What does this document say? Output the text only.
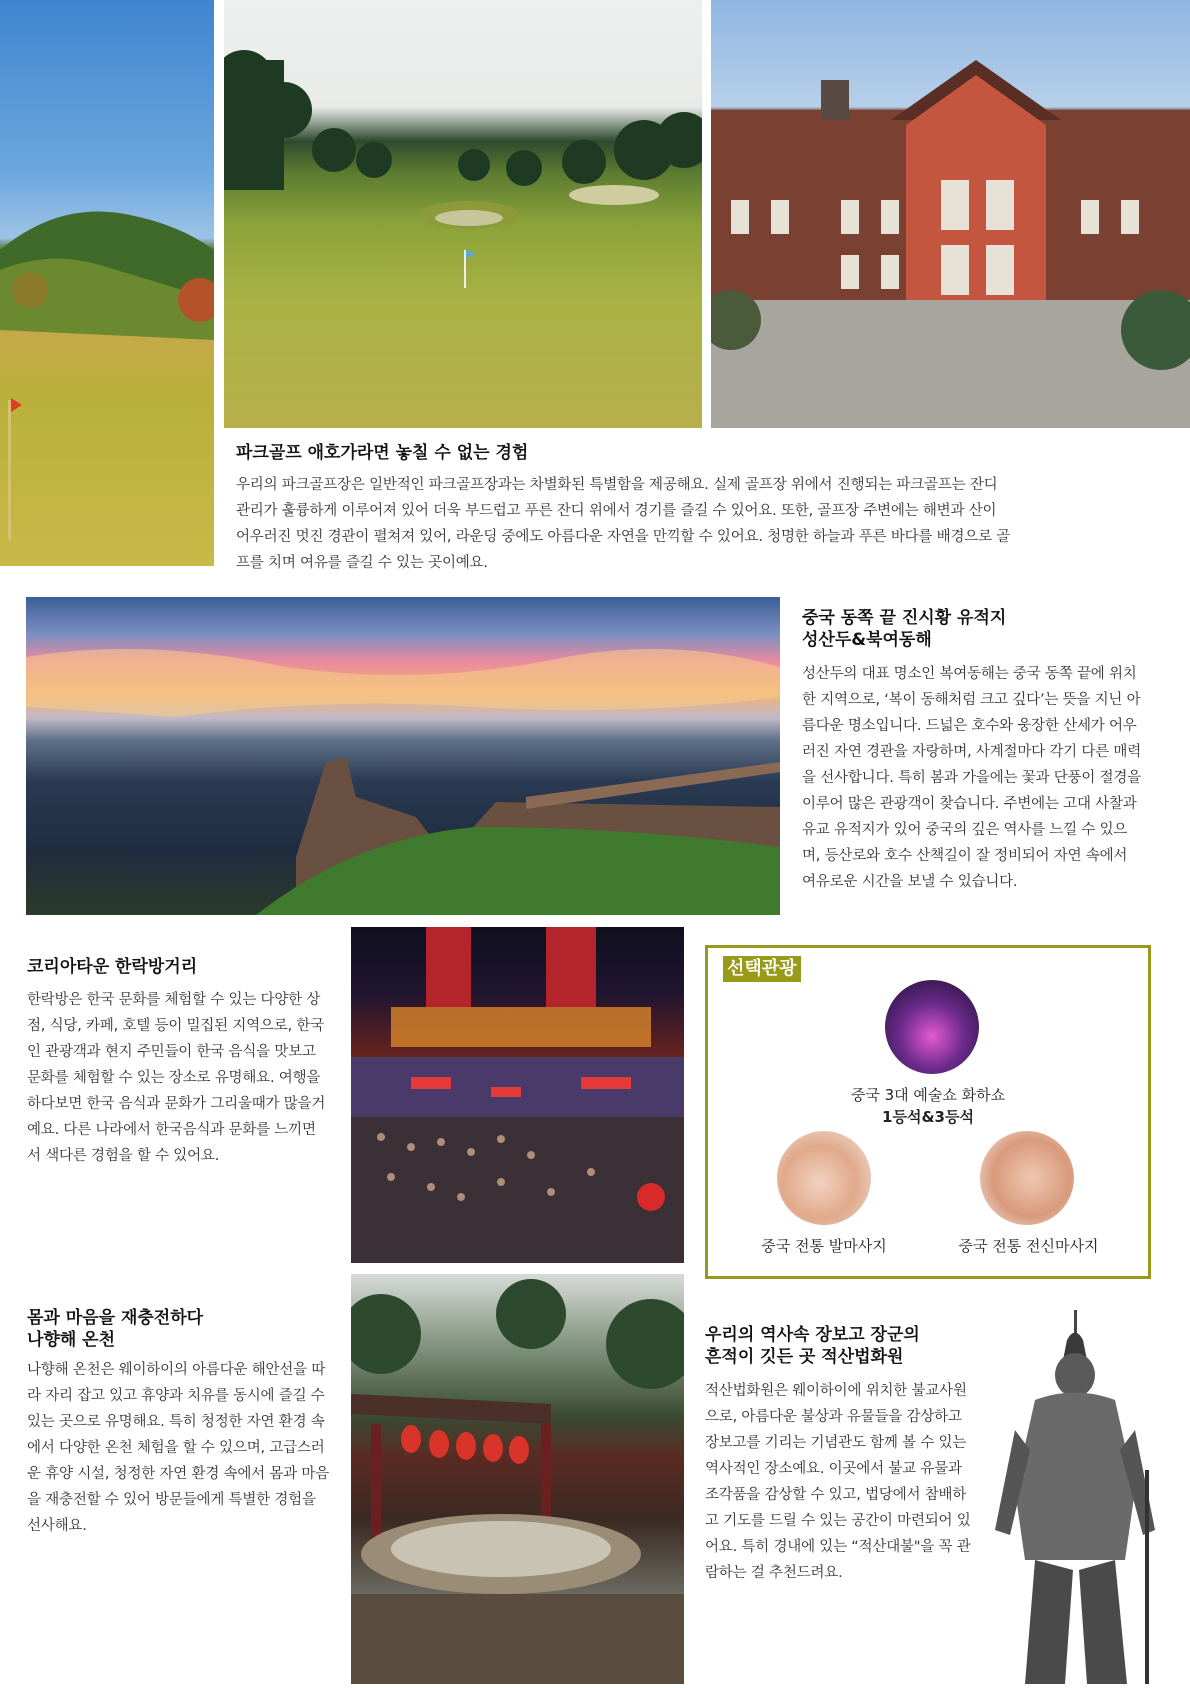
파크골프 애호가라면 놓칠 수 없는 경험

우리의 파크골프장은 일반적인 파크골프장과는 차별화된 특별함을 제공해요. 실제 골프장 위에서 진행되는 파크골프는 잔디 관리가 훌륭하게 이루어져 있어 더욱 부드럽고 푸른 잔디 위에서 경기를 즐길 수 있어요. 또한, 골프장 주변에는 해변과 산이 어우러진 멋진 경관이 펼쳐져 있어, 라운딩 중에도 아름다운 자연을 만끽할 수 있어요. 청명한 하늘과 푸른 바다를 배경으로 골프를 치며 여유를 즐길 수 있는 곳이예요.

중국 동쪽 끝 진시황 유적지
성산두&북여동해

성산두의 대표 명소인 복여동해는 중국 동쪽 끝에 위치한 지역으로, ‘복이 동해처럼 크고 깊다’는 뜻을 지닌 아름다운 명소입니다. 드넓은 호수와 웅장한 산세가 어우러진 자연 경관을 자랑하며, 사계절마다 각기 다른 매력을 선사합니다. 특히 봄과 가을에는 꽃과 단풍이 절경을 이루어 많은 관광객이 찾습니다. 주변에는 고대 사찰과 유교 유적지가 있어 중국의 깊은 역사를 느낄 수 있으며, 등산로와 호수 산책길이 잘 정비되어 자연 속에서 여유로운 시간을 보낼 수 있습니다.

코리아타운 한락방거리

한락방은 한국 문화를 체험할 수 있는 다양한 상점, 식당, 카페, 호텔 등이 밀집된 지역으로, 한국인 관광객과 현지 주민들이 한국 음식을 맛보고 문화를 체험할 수 있는 장소로 유명해요. 여행을 하다보면 한국 음식과 문화가 그리울때가 많을거예요. 다른 나라에서 한국음식과 문화를 느끼면서 색다른 경험을 할 수 있어요.

선택관광
중국 3대 예술쇼 화하쇼
1등석&3등석
중국 전통 발마사지	중국 전통 전신마사지
몸과 마음을 재충전하다
나향해 온천

나향해 온천은 웨이하이의 아름다운 해안선을 따라 자리 잡고 있고 휴양과 치유를 동시에 즐길 수 있는 곳으로 유명해요. 특히 청정한 자연 환경 속에서 다양한 온천 체험을 할 수 있으며, 고급스러운 휴양 시설, 청정한 자연 환경 속에서 몸과 마음을 재충전할 수 있어 방문들에게 특별한 경험을 선사해요.

우리의 역사속 장보고 장군의
흔적이 깃든 곳 적산법화원

적산법화원은 웨이하이에 위치한 불교사원으로, 아름다운 불상과 유물들을 감상하고 장보고를 기리는 기념관도 함께 볼 수 있는 역사적인 장소예요. 이곳에서 불교 유물과 조각품을 감상할 수 있고, 법당에서 참배하고 기도를 드릴 수 있는 공간이 마련되어 있어요. 특히 경내에 있는 “적산대불"을 꼭 관람하는 걸 추천드려요.
